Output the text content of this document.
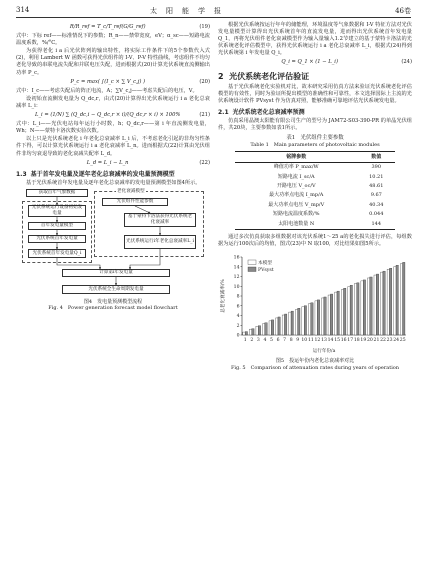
314	太　阳　能　学　报	46卷
R/R_ref = T_c/T_ref(G/G_ref)	(19)

式中：下标 ref——标准情况下的参数；R_n——禁带宽度，eV；α_sc——短路电流温度系数，%/°C。

为获得老化 i a 后光伏阵列的输出特性，将实际工作条件下的5个参数代入式(2)，利用 Lambert W 函数可获得光伏组件的 I-V、P-V 特性曲线，考虑组件不均匀老化导致的串联电流失配和并联电压失配，进而根据式(20)计算光伏系统直流侧输出功率 P_c。

P_c = max( ∫(I_c × ∑ V_c,j) )	(20)

式中：I_c——考虑失配后的阵正电流，A；∑V_c,j——考虑失配后的电压，V。

设初始直流侧发电量为 Q_dc,r，由式(20)计算得出光伏系统运行 i a 老化总衰减率 L_i：

L_i = (1/N) ∑ (Q_dc,i − Q_dc,r × i)/(Q_dc,r × i) × 100%	(21)

式中：L_i——光伏电站每年运行小时数，h；Q_dc,r——第 i 年直流侧发电量，Wh；N——蒙特卡洛次数实验次数。

以上只是光伏系统老化 i 年老化总衰减率 L_i 后，不考虑老化引起的非均匀性条件下得，可以计算光伏系统运行 i a 老化衰减率 L_n。进而根据式(22)计算由光伏组件非均匀衰退导致的老化衰减失配率 L_d。

L_d = L_i − L_n	(22)
1.3 基于首年发电量及逐年老化总衰减率的发电量预测模型

基于光伏系统首年发电量及逐年老化总衰减率的发电量预测模型如图4所示。

获取首年气象数据	老化衰减模型
光伏系统运行设备初始发电量
首年发电量模型
光伏系统首年发电量
光伏系统首年发电量Q_i
光伏组件性能参数
基于蒙特卡洛法获得光伏系统老化衰减率
光伏系统运行i年老化总衰减率L_i
计算第i年发电量
光伏系统全生命周期发电量
图4　发电量预测模型流程
Fig. 4　Power generation forecast model flowchart

根据光伏系统按运行年年的储能理，环境温度等气象数据和 I-V 特征方法对光伏发电量模型计算得出光伏系统首年的直流发电量，进而得出光伏系统首年发电量 Q_1，再将光伏组件老化衰减模型作为输入量输入1.2节建立的基于蒙特卡洛法的光伏系统老化评估模型中，获得光伏系统运行 i a 老化总衰减率 L_i，根据式(24)得到光伏系统第 i 年发电量 Q_i。

Q_i = Q_1 × (1 − L_i)	(24)
2 光伏系统老化评估验证

基于光伏系统老化实验机对比，故本研究采用仿真方法来验证光伏系统老化评估模型的有效性，同时为验证所提出模型的准确性和可靠性，本文选择国际上主流的光伏系统设计软件 PVsyst 作为仿真对照，能够准确可靠地评估光伏系统发电量。

2.1 光伏系统老化总衰减率预测

仿真采用晶澳太阳能有限公司生产的型号为 JAM72-S03-390-PR 的单晶光伏组件，共20块，主要参数如表1所示。

表1　光伏组件主要参数
Table 1　Main parameters of photovoltaic modules
铭牌参数	数值
峰值功率 P_max/W	390
短路电流 I_sc/A	10.21
开路电压 V_oc/V	48.61
最大功率点电流 I_mp/A	9.67
最大功率点电压 V_mp/V	40.34
短路电流温度系数/%	0.044
太阳电池数量 N	144

通过多次仿真获取多组数据对该光伏系统1～25 a的老化损失进行评估，每组数据为运行100次后的均值，图式(23)中 N 取100，对比结果如图5所示。

0
2
4
6
8
10
12
14
16
1 2 3 4 5 6 7 8 9 10 11 12 13 14 15 16 17 18 19 20 21 22 23 24 25
运行年份/a
总老化衰减率/%
本模型
PVsyst
图5　投运年份内老化总衰减率对比
Fig. 5　Comparison of attenuation rates during years of operation
